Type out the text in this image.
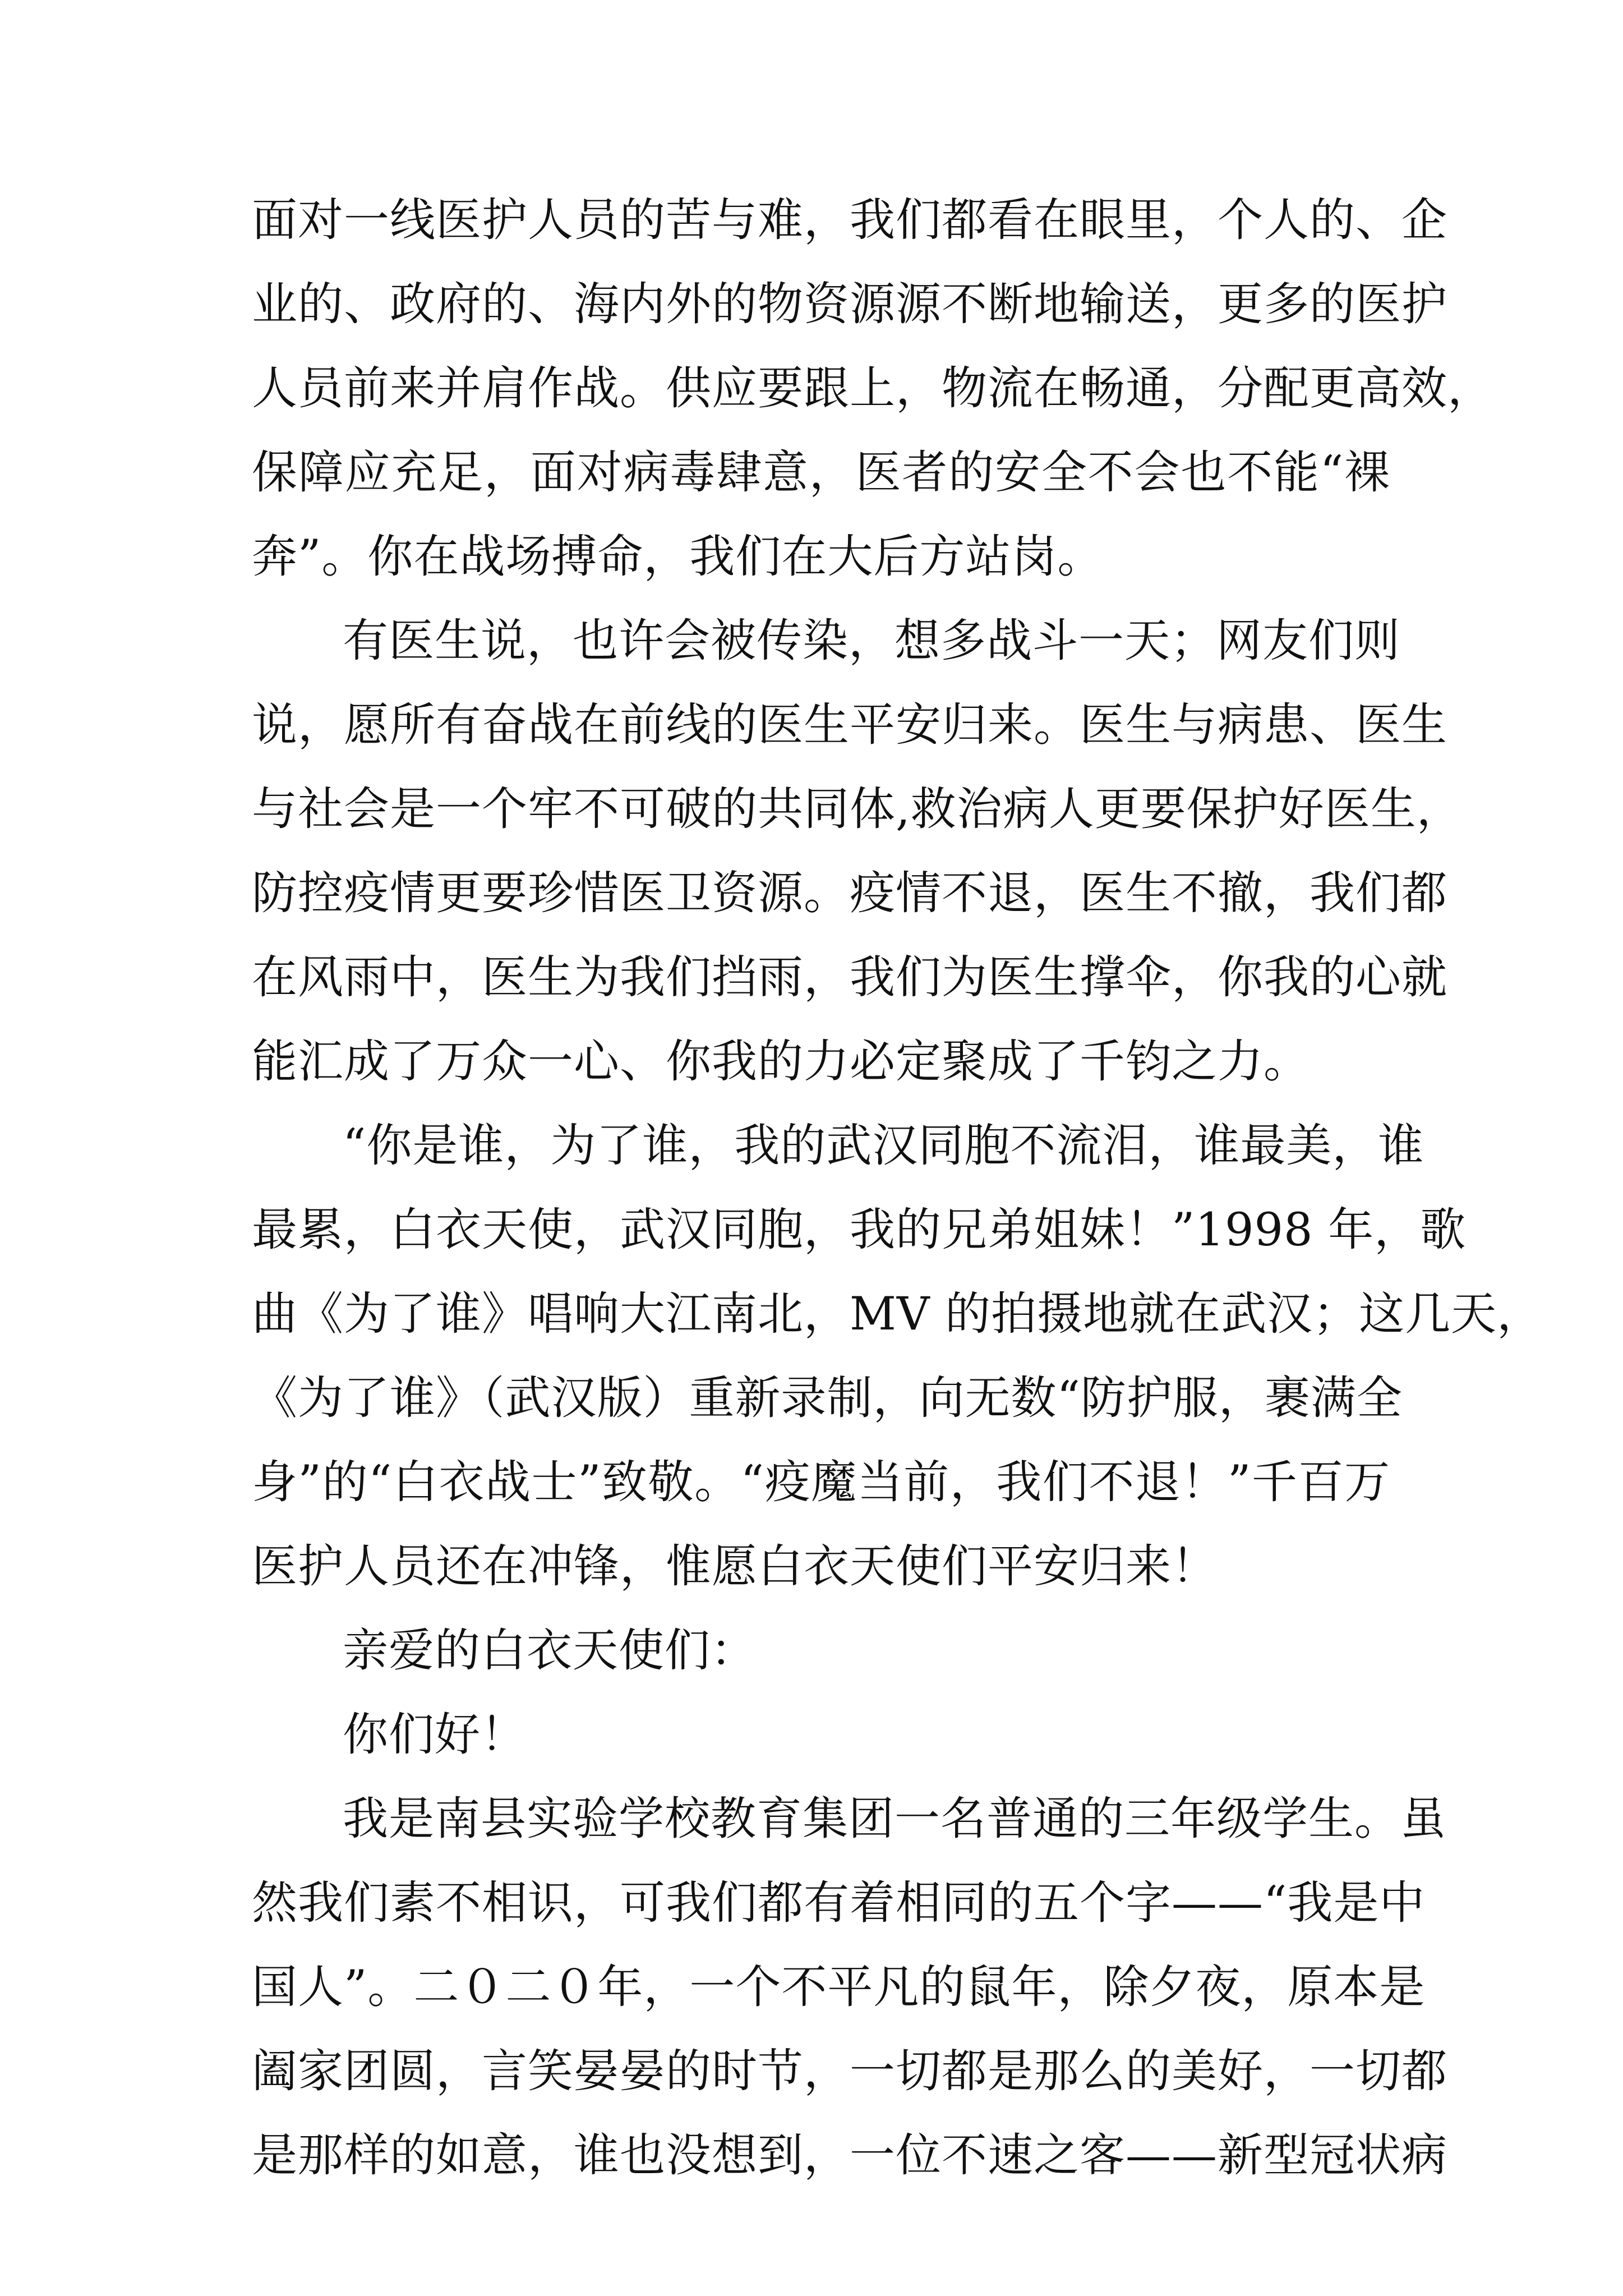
面对一线医护人员的苦与难，我们都看在眼里，个人的、企
业的、政府的、海内外的物资源源不断地输送，更多的医护
人员前来并肩作战。供应要跟上，物流在畅通，分配更高效，
保障应充足，面对病毒肆意，医者的安全不会也不能“裸
奔”。你在战场搏命，我们在大后方站岗。
有医生说，也许会被传染，想多战斗一天；网友们则
说，愿所有奋战在前线的医生平安归来。医生与病患、医生
与社会是一个牢不可破的共同体,救治病人更要保护好医生，
防控疫情更要珍惜医卫资源。疫情不退，医生不撤，我们都
在风雨中，医生为我们挡雨，我们为医生撑伞，你我的心就
能汇成了万众一心、你我的力必定聚成了千钧之力。
“你是谁，为了谁，我的武汉同胞不流泪，谁最美，谁
最累，白衣天使，武汉同胞，我的兄弟姐妹！”1998 年，歌
曲《为了谁》唱响大江南北，MV 的拍摄地就在武汉；这几天，
《为了谁》（武汉版）重新录制，向无数“防护服，裹满全
身”的“白衣战士”致敬。“疫魔当前，我们不退！”千百万
医护人员还在冲锋，惟愿白衣天使们平安归来！
亲爱的白衣天使们：
你们好！
我是南县实验学校教育集团一名普通的三年级学生。虽
然我们素不相识，可我们都有着相同的五个字——“我是中
国人”。二０二０年，一个不平凡的鼠年，除夕夜，原本是
阖家团圆，言笑晏晏的时节，一切都是那么的美好，一切都
是那样的如意，谁也没想到，一位不速之客——新型冠状病
